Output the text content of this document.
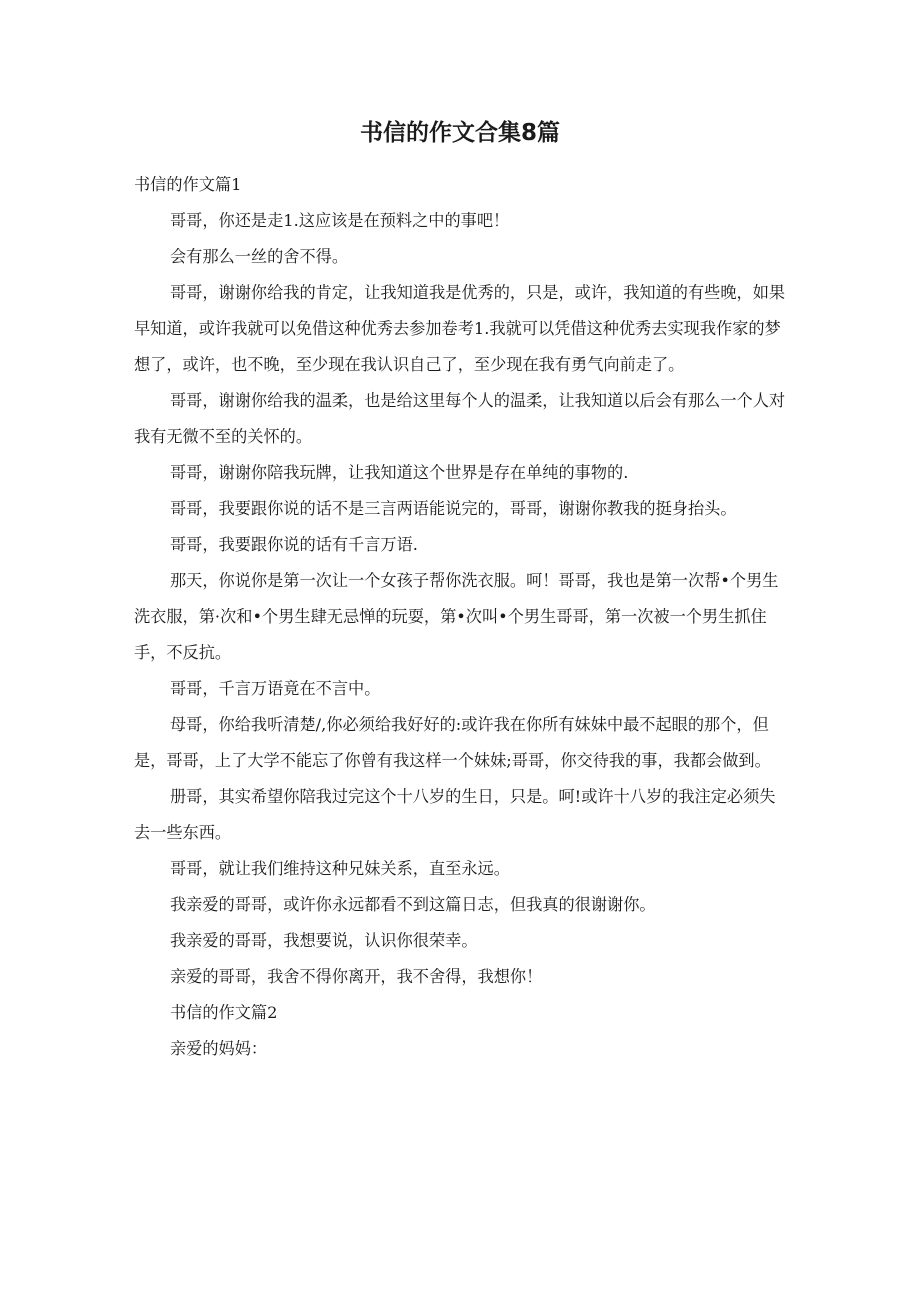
书信的作文合集8篇
书信的作文篇1

哥哥，你还是走1.这应该是在预料之中的事吧！

会有那么一丝的舍不得。

哥哥，谢谢你给我的肯定，让我知道我是优秀的，只是，或许，我知道的有些晚，如果早知道，或许我就可以免借这种优秀去参加卷考1.我就可以凭借这种优秀去实现我作家的梦想了，或许，也不晚，至少现在我认识自己了，至少现在我有勇气向前走了。

哥哥，谢谢你给我的温柔，也是给这里每个人的温柔，让我知道以后会有那么一个人对我有无微不至的关怀的。

哥哥，谢谢你陪我玩牌，让我知道这个世界是存在单纯的事物的.

哥哥，我要跟你说的话不是三言两语能说完的，哥哥，谢谢你教我的挺身抬头。

哥哥，我要跟你说的话有千言万语.

那天，你说你是第一次让一个女孩子帮你洗衣服。呵！哥哥，我也是第一次帮•个男生洗衣服，第·次和•个男生肆无忌惮的玩耍，第•次叫•个男生哥哥，第一次被一个男生抓住手，不反抗。

哥哥，千言万语竟在不言中。

母哥，你给我听清楚/,你必须给我好好的:或许我在你所有妹妹中最不起眼的那个，但是，哥哥，上了大学不能忘了你曾有我这样一个妹妹;哥哥，你交待我的事，我都会做到。

册哥，其实希望你陪我过完这个十八岁的生日，只是。呵!或许十八岁的我注定必须失去一些东西。

哥哥，就让我们维持这种兄妹关系，直至永远。

我亲爱的哥哥，或许你永远都看不到这篇日志，但我真的很谢谢你。

我亲爱的哥哥，我想要说，认识你很荣幸。

亲爱的哥哥，我舍不得你离开，我不舍得，我想你！

书信的作文篇2

亲爱的妈妈：
